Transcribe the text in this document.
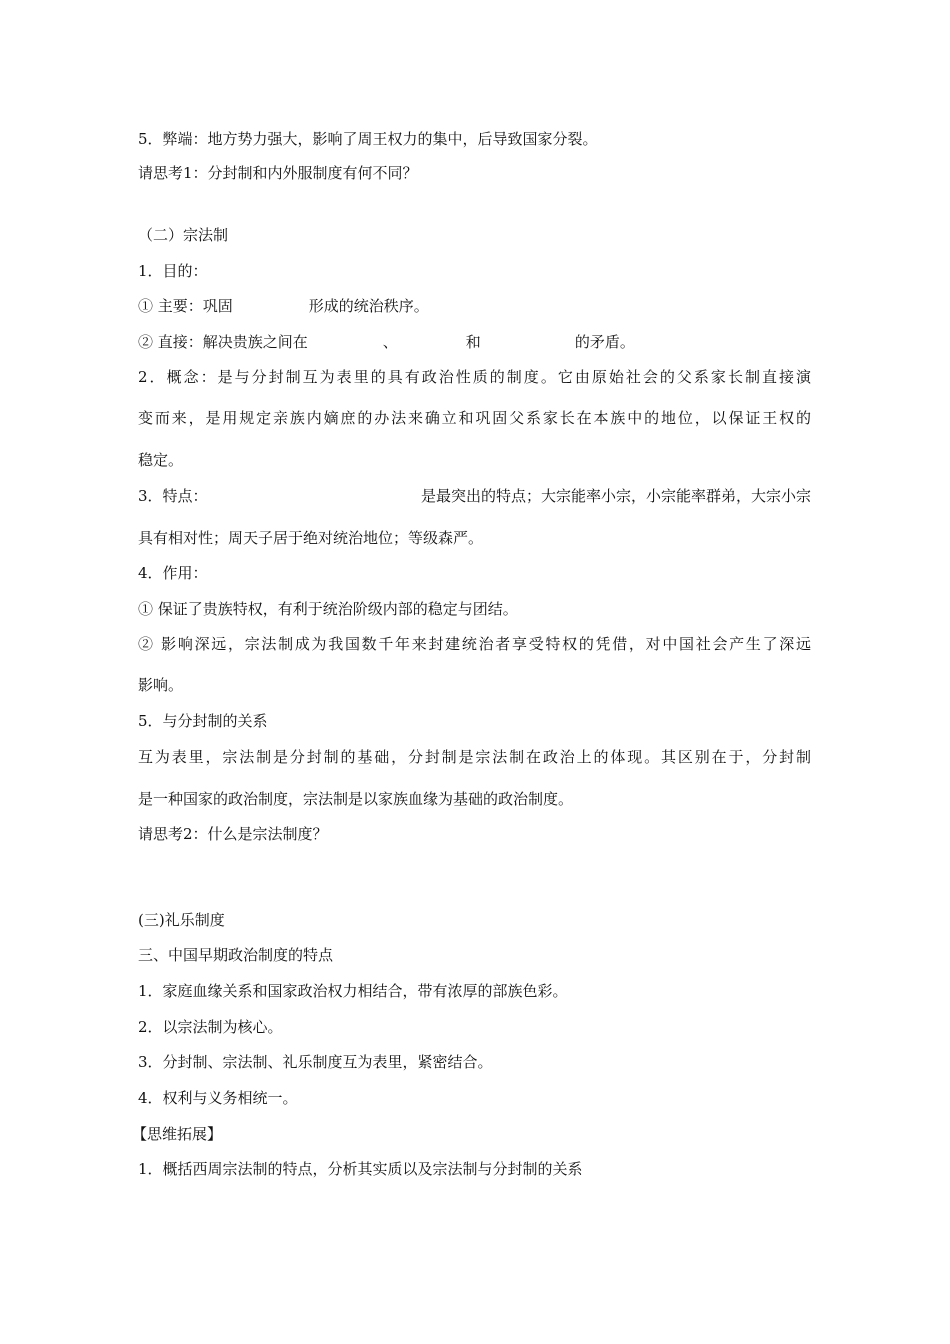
5．弊端：地方势力强大，影响了周王权力的集中，后导致国家分裂。
请思考1：分封制和内外服制度有何不同？
（二）宗法制
1．目的：
① 主要：巩固	形成的统治秩序。
② 直接：解决贵族之间在	、	和	的矛盾。
2．概念：是与分封制互为表里的具有政治性质的制度。它由原始社会的父系家长制直接演
变而来，是用规定亲族内嫡庶的办法来确立和巩固父系家长在本族中的地位，以保证王权的
稳定。
3．特点：	是最突出的特点；大宗能率小宗，小宗能率群弟，大宗小宗
具有相对性；周天子居于绝对统治地位；等级森严。
4．作用：
① 保证了贵族特权，有利于统治阶级内部的稳定与团结。
② 影响深远，宗法制成为我国数千年来封建统治者享受特权的凭借，对中国社会产生了深远
影响。
5．与分封制的关系
互为表里，宗法制是分封制的基础，分封制是宗法制在政治上的体现。其区别在于，分封制
是一种国家的政治制度，宗法制是以家族血缘为基础的政治制度。
请思考2：什么是宗法制度？
(三)礼乐制度
三、中国早期政治制度的特点
1．家庭血缘关系和国家政治权力相结合，带有浓厚的部族色彩。
2．以宗法制为核心。
3．分封制、宗法制、礼乐制度互为表里，紧密结合。
4．权利与义务相统一。
【思维拓展】
1．概括西周宗法制的特点，分析其实质以及宗法制与分封制的关系
